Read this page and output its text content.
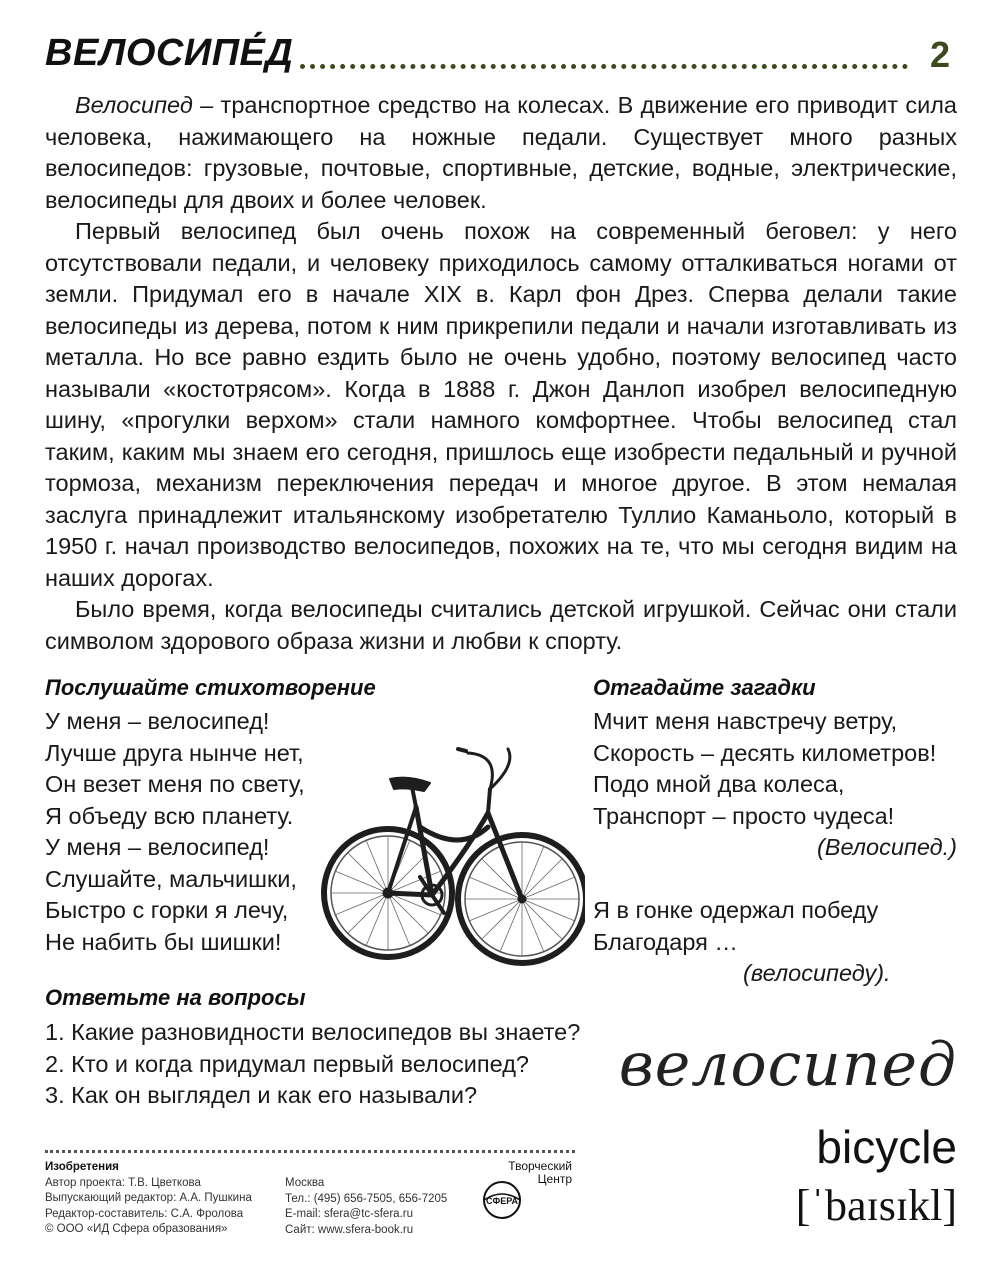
ВЕЛОСИПЕ́Д	2

Велосипед – транспортное средство на колесах. В движение его приводит сила человека, нажимающего на ножные педали. Существует много разных велосипедов: грузовые, почтовые, спортивные, детские, водные, электрические, велосипеды для двоих и более человек.

Первый велосипед был очень похож на современный беговел: у него отсутствовали педали, и человеку приходилось самому отталкиваться ногами от земли. Придумал его в начале XIX в. Карл фон Дрез. Сперва делали такие велосипеды из дерева, потом к ним прикрепили педали и начали изготавливать из металла. Но все равно ездить было не очень удобно, поэтому велосипед часто называли «костотрясом». Когда в 1888 г. Джон Данлоп изобрел велосипедную шину, «прогулки верхом» стали намного комфортнее. Чтобы велосипед стал таким, каким мы знаем его сегодня, пришлось еще изобрести педальный и ручной тормоза, механизм переключения передач и многое другое. В этом немалая заслуга принадлежит итальянскому изобретателю Туллио Каманьоло, который в 1950 г. начал производство велосипедов, похожих на те, что мы сегодня видим на наших дорогах.

Было время, когда велосипеды считались детской игрушкой. Сейчас они стали символом здорового образа жизни и любви к спорту.

Послушайте стихотворение
У меня – велосипед!
Лучше друга нынче нет,
Он везет меня по свету,
Я объеду всю планету.
У меня – велосипед!
Слушайте, мальчишки,
Быстро с горки я лечу,
Не набить бы шишки!
Отгадайте загадки
Мчит меня навстречу ветру,
Скорость – десять километров!
Подо мной два колеса,
Транспорт – просто чудеса!
(Велосипед.)
Я в гонке одержал победу
Благодаря …
(велосипеду).
Ответьте на вопросы
1. Какие разновидности велосипедов вы знаете?
2. Кто и когда придумал первый велосипед?
3. Как он выглядел и как его называли?	велосипед
bicycle
[ˈbaɪsɪkl]
Изобретения
Автор проекта: Т.В. Цветкова
Выпускающий редактор: А.А. Пушкина
Редактор-составитель: С.А. Фролова
© ООО «ИД Сфера образования»
Москва
Тел.: (495) 656-7505, 656-7205
E-mail: sfera@tc-sfera.ru
Сайт: www.sfera-book.ru
Творческий
Центр
СФЕРА
